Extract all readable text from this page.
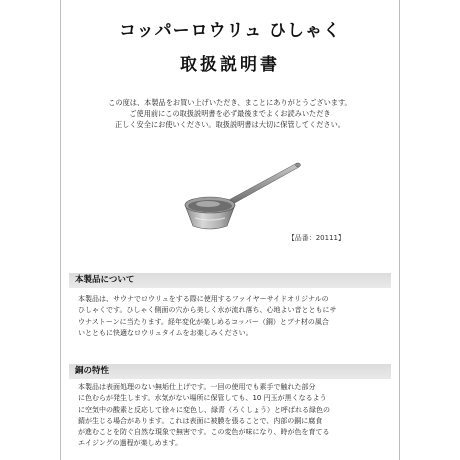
コッパーロウリュ ひしゃく
取扱説明書
この度は、本製品をお買い上げいただき、まことにありがとうございます。
ご使用前にこの取扱説明書を必ず最後までよくお読みいただき
正しく安全にお使いください。取扱説明書は大切に保管してください。
【品番：20111】
本製品について
本製品は、サウナでロウリュをする際に使用するファイヤーサイドオリジナルの
ひしゃくです。ひしゃく側面の穴から美しく水が流れ落ち、心地よい音とともにサ
ウナストーンに当たります。経年変化が楽しめるコッパー（銅）とブナ材の風合
いとともに快適なロウリュタイムをお楽しみください。
銅の特性
本製品は表面処理のない無垢仕上げです。一回の使用でも素手で触れた部分
に色むらが発生します。水気がない場所に保管しても、10 円玉が黒くなるよう
に空気中の酸素と反応して徐々に変色し、緑青（ろくしょう）と呼ばれる緑色の
錆が生じる場合があります。これは表面に被膜を張ることで、内部の銅に腐食
が進むことを防ぐ自然な現象で無害です。この変色が味になり、時が色を育てる
エイジングの過程が楽しめます。
